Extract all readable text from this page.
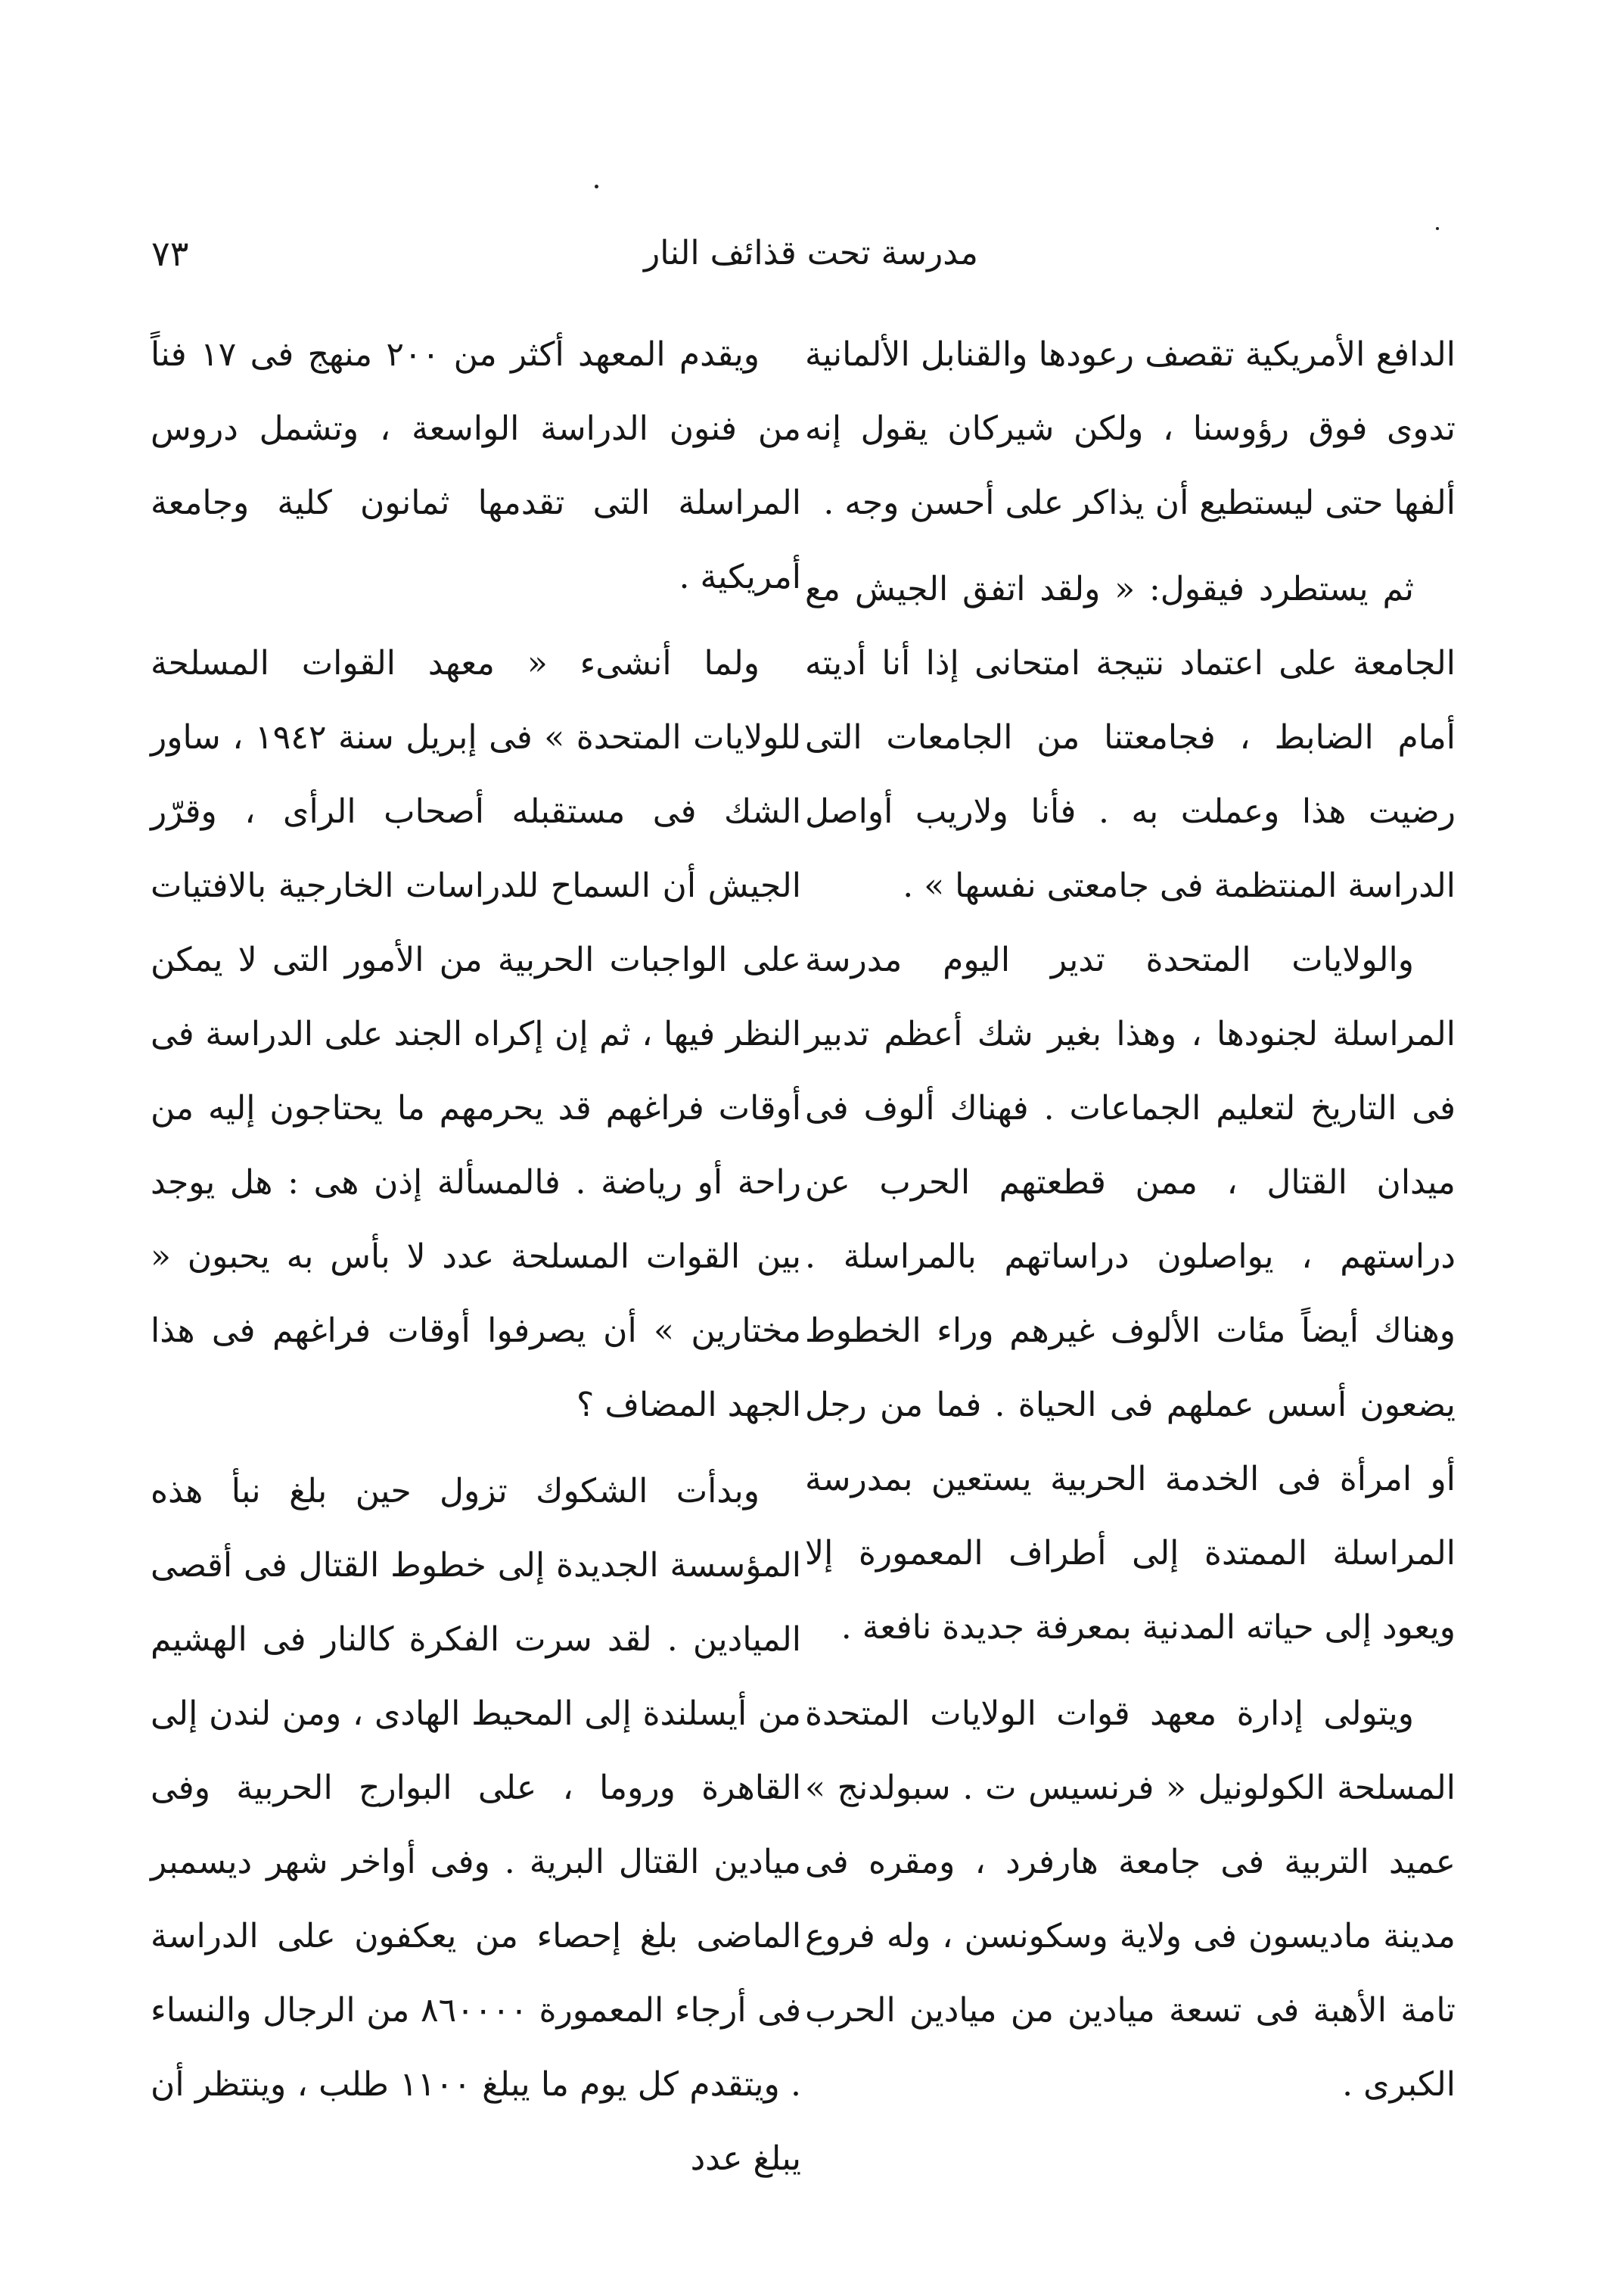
٧٣	مدرسة تحت قذائف النار

الدافع الأمريكية تقصف رعودها والقنابل الألمانية تدوى فوق رؤوسنا ، ولكن شيركان يقول إنه ألفها حتى ليستطيع أن يذاكر على أحسن وجه .

ثم يستطرد فيقول: « ولقد اتفق الجيش مع الجامعة على اعتماد نتيجة امتحانى إذا أنا أديته أمام الضابط ، فجامعتنا من الجامعات التى رضيت هذا وعملت به . فأنا ولاريب أواصل الدراسة المنتظمة فى جامعتى نفسها » .

والولايات المتحدة تدير اليوم مدرسة المراسلة لجنودها ، وهذا بغير شك أعظم تدبير فى التاريخ لتعليم الجماعات . فهناك ألوف فى ميدان القتال ، ممن قطعتهم الحرب عن دراستهم ، يواصلون دراساتهم بالمراسلة . وهناك أيضاً مئات الألوف غيرهم وراء الخطوط يضعون أسس عملهم فى الحياة . فما من رجل أو امرأة فى الخدمة الحربية يستعين بمدرسة المراسلة الممتدة إلى أطراف المعمورة إلا ويعود إلى حياته المدنية بمعرفة جديدة نافعة .

ويتولى إدارة معهد قوات الولايات المتحدة المسلحة الكولونيل « فرنسيس ت . سبولدنج » عميد التربية فى جامعة هارفرد ، ومقره فى مدينة ماديسون فى ولاية وسكونسن ، وله فروع تامة الأهبة فى تسعة ميادين من ميادين الحرب الكبرى .

ويقدم المعهد أكثر من ٢٠٠ منهج فى ١٧ فناً من فنون الدراسة الواسعة ، وتشمل دروس المراسلة التى تقدمها ثمانون كلية وجامعة أمريكية .

ولما أنشىء « معهد القوات المسلحة للولايات المتحدة » فى إبريل سنة ١٩٤٢ ، ساور الشك فى مستقبله أصحاب الرأى ، وقرّر الجيش أن السماح للدراسات الخارجية بالافتيات على الواجبات الحربية من الأمور التى لا يمكن النظر فيها ، ثم إن إكراه الجند على الدراسة فى أوقات فراغهم قد يحرمهم ما يحتاجون إليه من راحة أو رياضة . فالمسألة إذن هى : هل يوجد بين القوات المسلحة عدد لا بأس به يحبون « مختارين » أن يصرفوا أوقات فراغهم فى هذا الجهد المضاف ؟

وبدأت الشكوك تزول حين بلغ نبأ هذه المؤسسة الجديدة إلى خطوط القتال فى أقصى الميادين . لقد سرت الفكرة كالنار فى الهشيم من أيسلندة إلى المحيط الهادى ، ومن لندن إلى القاهرة وروما ، على البوارج الحربية وفى ميادين القتال البرية . وفى أواخر شهر ديسمبر الماضى بلغ إحصاء من يعكفون على الدراسة فى أرجاء المعمورة ٨٦٠٠٠٠ من الرجال والنساء . ويتقدم كل يوم ما يبلغ ١١٠٠ طلب ، وينتظر أن يبلغ عدد
